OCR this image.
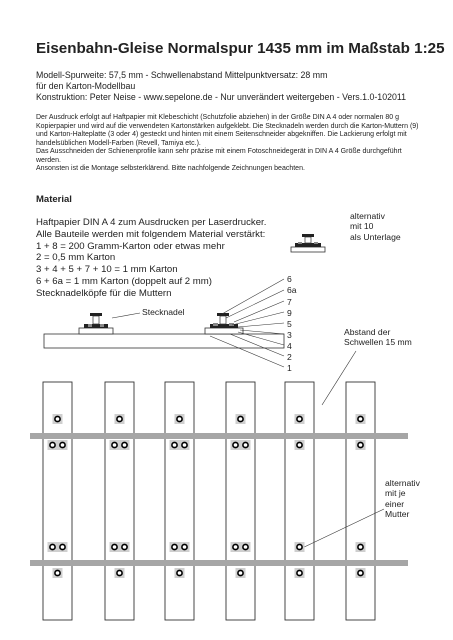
Eisenbahn-Gleise Normalspur 1435 mm im Maßstab 1:25
Modell-Spurweite: 57,5 mm - Schwellenabstand Mittelpunktversatz: 28 mm
für den Karton-Modellbau
Konstruktion: Peter Neise - www.sepelone.de - Nur unverändert weitergeben - Vers.1.0-102011

Der Ausdruck erfolgt auf Haftpapier mit Klebeschicht (Schutzfolie abziehen) in der Größe DIN A 4 oder normalen 80 g Kopierpapier und wird auf die verwendeten Kartonstärken aufgeklebt. Die Stecknadeln werden durch die Karton-Muttern (9) und Karton-Halteplatte (3 oder 4) gesteckt und hinten mit einem Seitenschneider abgekniffen. Die Lackierung erfolgt mit handelsüblichen Modell-Farben (Revell, Tamiya etc.).

Das Ausschneiden der Schienenprofile kann sehr präzise mit einem Fotoschneidegerät in DIN A 4 Größe durchgeführt werden.

Ansonsten ist die Montage selbsterklärend. Bitte nachfolgende Zeichnungen beachten.

Material
Haftpapier DIN A 4 zum Ausdrucken per Laserdrucker.
Alle Bauteile werden mit folgendem Material verstärkt:
1 + 8 = 200 Gramm-Karton oder etwas mehr
2 = 0,5 mm Karton
3 + 4 + 5 + 7 + 10 = 1 mm Karton
6 + 6a = 1 mm Karton (doppelt auf 2 mm)
Stecknadelköpfe für die Muttern
alternativ
mit 10
als Unterlage
Stecknadel
Abstand der
Schwellen 15 mm
alternativ
mit je
einer
Mutter
6
6a
7
9
5
3
4
2
1
